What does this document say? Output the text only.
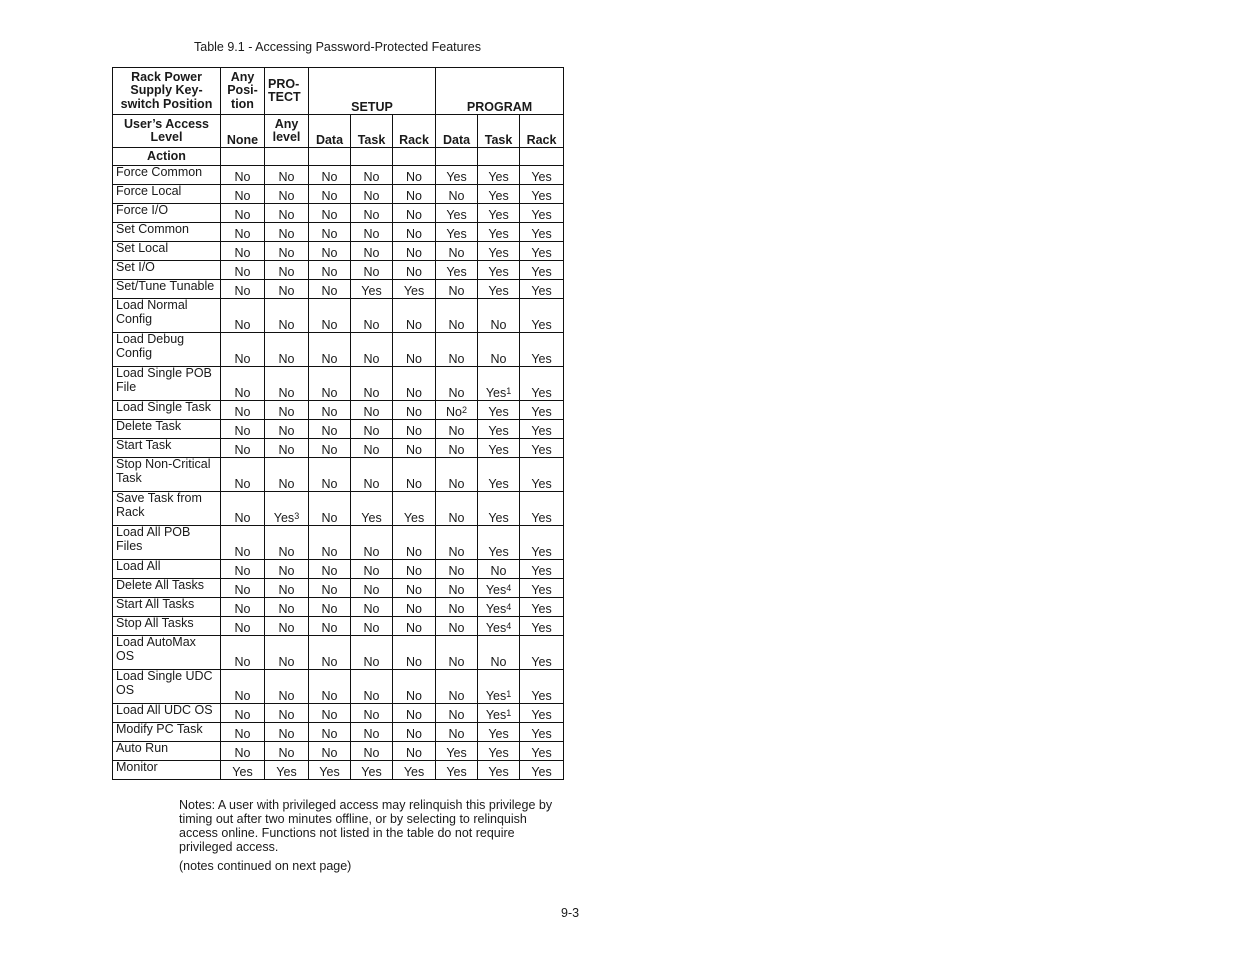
Table 9.1 - Accessing Password-Protected Features
Rack Power Supply Key-switch Position	Any Posi- tion	PRO- TECT	SETUP			PROGRAM		
User’s Access Level	None	Any level	Data	Task	Rack	Data	Task	Rack
Action								
Force Common	No	No	No	No	No	Yes	Yes	Yes
Force Local	No	No	No	No	No	No	Yes	Yes
Force I/O	No	No	No	No	No	Yes	Yes	Yes
Set Common	No	No	No	No	No	Yes	Yes	Yes
Set Local	No	No	No	No	No	No	Yes	Yes
Set I/O	No	No	No	No	No	Yes	Yes	Yes
Set/Tune Tunable	No	No	No	Yes	Yes	No	Yes	Yes
Load Normal Config	No	No	No	No	No	No	No	Yes
Load Debug Config	No	No	No	No	No	No	No	Yes
Load Single POB File	No	No	No	No	No	No	Yes$^1$	Yes
Load Single Task	No	No	No	No	No	No$^2$	Yes	Yes
Delete Task	No	No	No	No	No	No	Yes	Yes
Start Task	No	No	No	No	No	No	Yes	Yes
Stop Non-Critical Task	No	No	No	No	No	No	Yes	Yes
Save Task from Rack	No	Yes$^3$	No	Yes	Yes	No	Yes	Yes
Load All POB Files	No	No	No	No	No	No	Yes	Yes
Load All	No	No	No	No	No	No	No	Yes
Delete All Tasks	No	No	No	No	No	No	Yes$^4$	Yes
Start All Tasks	No	No	No	No	No	No	Yes$^4$	Yes
Stop All Tasks	No	No	No	No	No	No	Yes$^4$	Yes
Load AutoMax OS	No	No	No	No	No	No	No	Yes
Load Single UDC OS	No	No	No	No	No	No	Yes$^1$	Yes
Load All UDC OS	No	No	No	No	No	No	Yes$^1$	Yes
Modify PC Task	No	No	No	No	No	No	Yes	Yes
Auto Run	No	No	No	No	No	Yes	Yes	Yes
Monitor	Yes	Yes	Yes	Yes	Yes	Yes	Yes	Yes

Notes: A user with privileged access may relinquish this privilege by timing out after two minutes offline, or by selecting to relinquish access online. Functions not listed in the table do not require privileged access.

(notes continued on next page)

9-3
